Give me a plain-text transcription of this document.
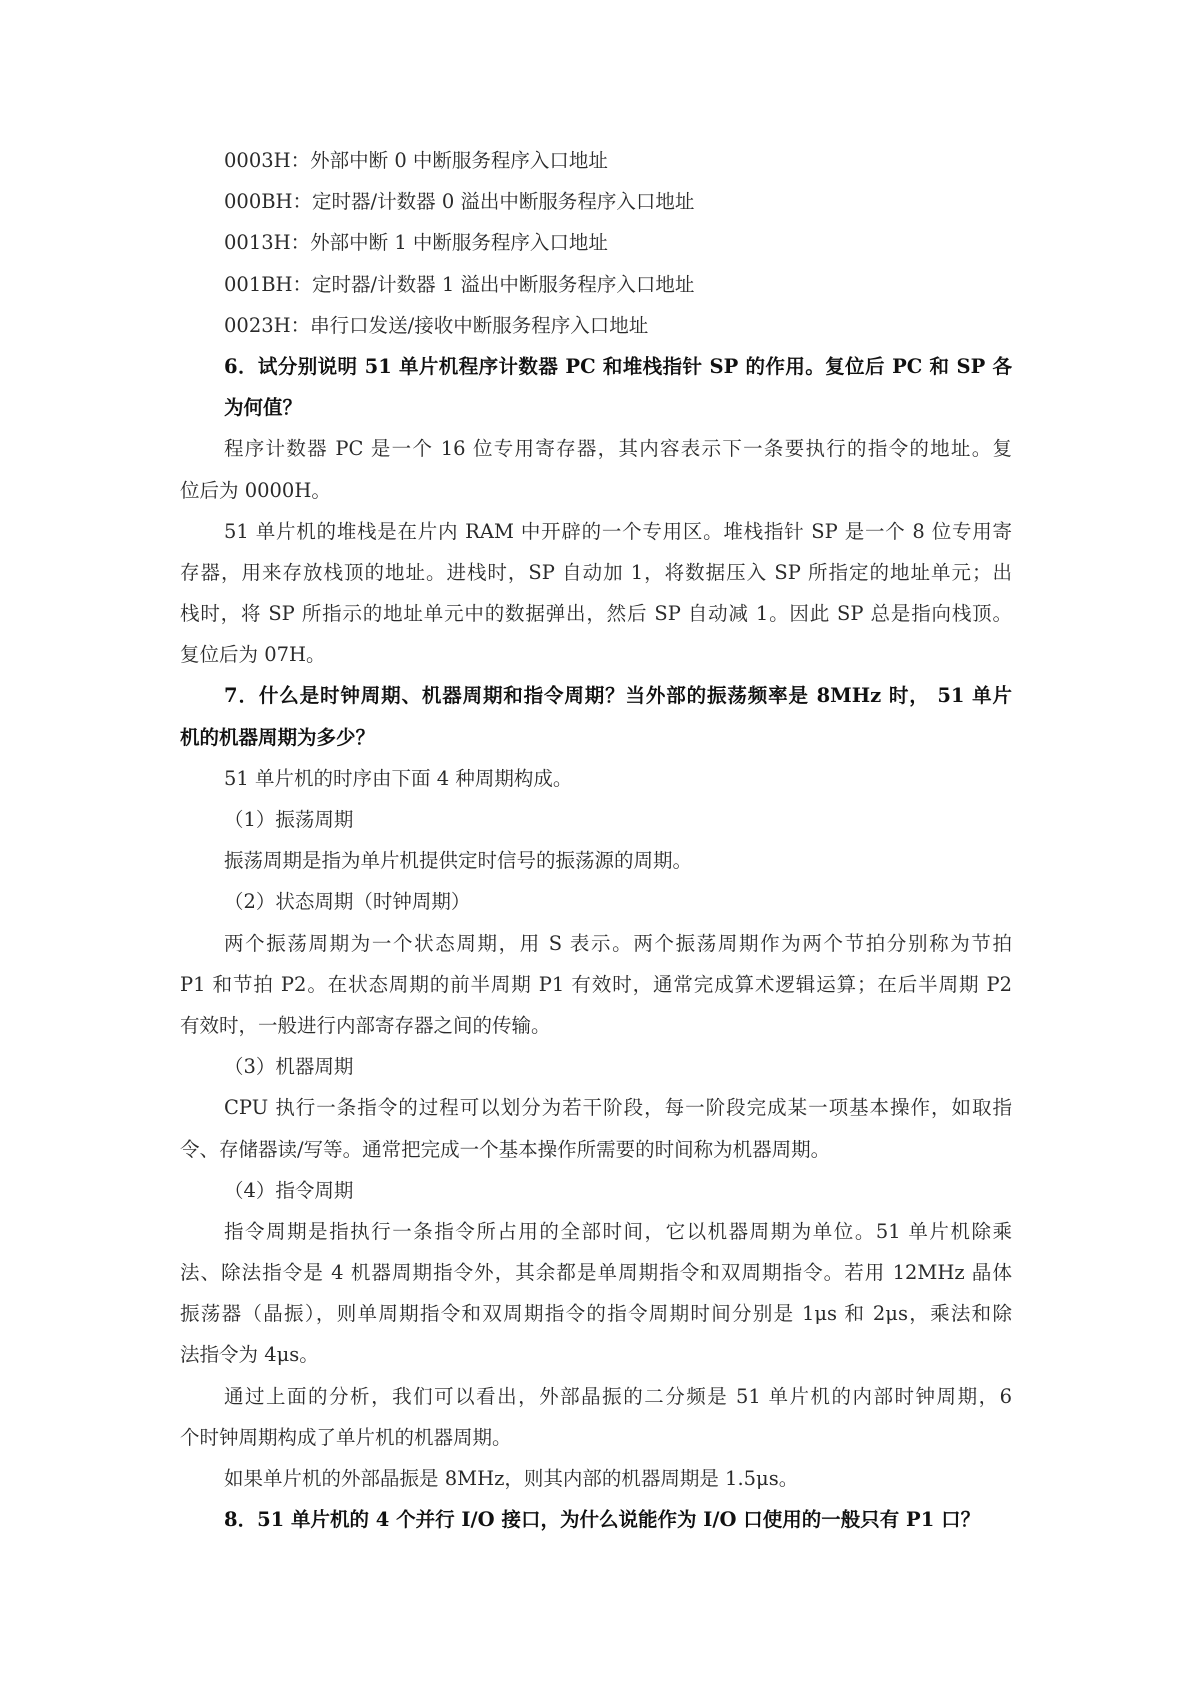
0003H：外部中断 0 中断服务程序入口地址
000BH：定时器/计数器 0 溢出中断服务程序入口地址
0013H：外部中断 1 中断服务程序入口地址
001BH：定时器/计数器 1 溢出中断服务程序入口地址
0023H：串行口发送/接收中断服务程序入口地址
6．试分别说明 51 单片机程序计数器 PC 和堆栈指针 SP 的作用。复位后 PC 和 SP 各
为何值？
程序计数器 PC 是一个 16 位专用寄存器，其内容表示下一条要执行的指令的地址。复
位后为 0000H。
51 单片机的堆栈是在片内 RAM 中开辟的一个专用区。堆栈指针 SP 是一个 8 位专用寄
存器，用来存放栈顶的地址。进栈时，SP 自动加 1，将数据压入 SP 所指定的地址单元；出
栈时，将 SP 所指示的地址单元中的数据弹出，然后 SP 自动减 1。因此 SP 总是指向栈顶。
复位后为 07H。
7．什么是时钟周期、机器周期和指令周期？当外部的振荡频率是 8MHz 时， 51 单片
机的机器周期为多少？
51 单片机的时序由下面 4 种周期构成。
（1）振荡周期
振荡周期是指为单片机提供定时信号的振荡源的周期。
（2）状态周期（时钟周期）
两个振荡周期为一个状态周期，用 S 表示。两个振荡周期作为两个节拍分别称为节拍
P1 和节拍 P2。在状态周期的前半周期 P1 有效时，通常完成算术逻辑运算；在后半周期 P2
有效时，一般进行内部寄存器之间的传输。
（3）机器周期
CPU 执行一条指令的过程可以划分为若干阶段，每一阶段完成某一项基本操作，如取指
令、存储器读/写等。通常把完成一个基本操作所需要的时间称为机器周期。
（4）指令周期
指令周期是指执行一条指令所占用的全部时间，它以机器周期为单位。51 单片机除乘
法、除法指令是 4 机器周期指令外，其余都是单周期指令和双周期指令。若用 12MHz 晶体
振荡器（晶振），则单周期指令和双周期指令的指令周期时间分别是 1μs 和 2μs，乘法和除
法指令为 4μs。
通过上面的分析，我们可以看出，外部晶振的二分频是 51 单片机的内部时钟周期，6
个时钟周期构成了单片机的机器周期。
如果单片机的外部晶振是 8MHz，则其内部的机器周期是 1.5μs。
8．51 单片机的 4 个并行 I/O 接口，为什么说能作为 I/O 口使用的一般只有 P1 口？
